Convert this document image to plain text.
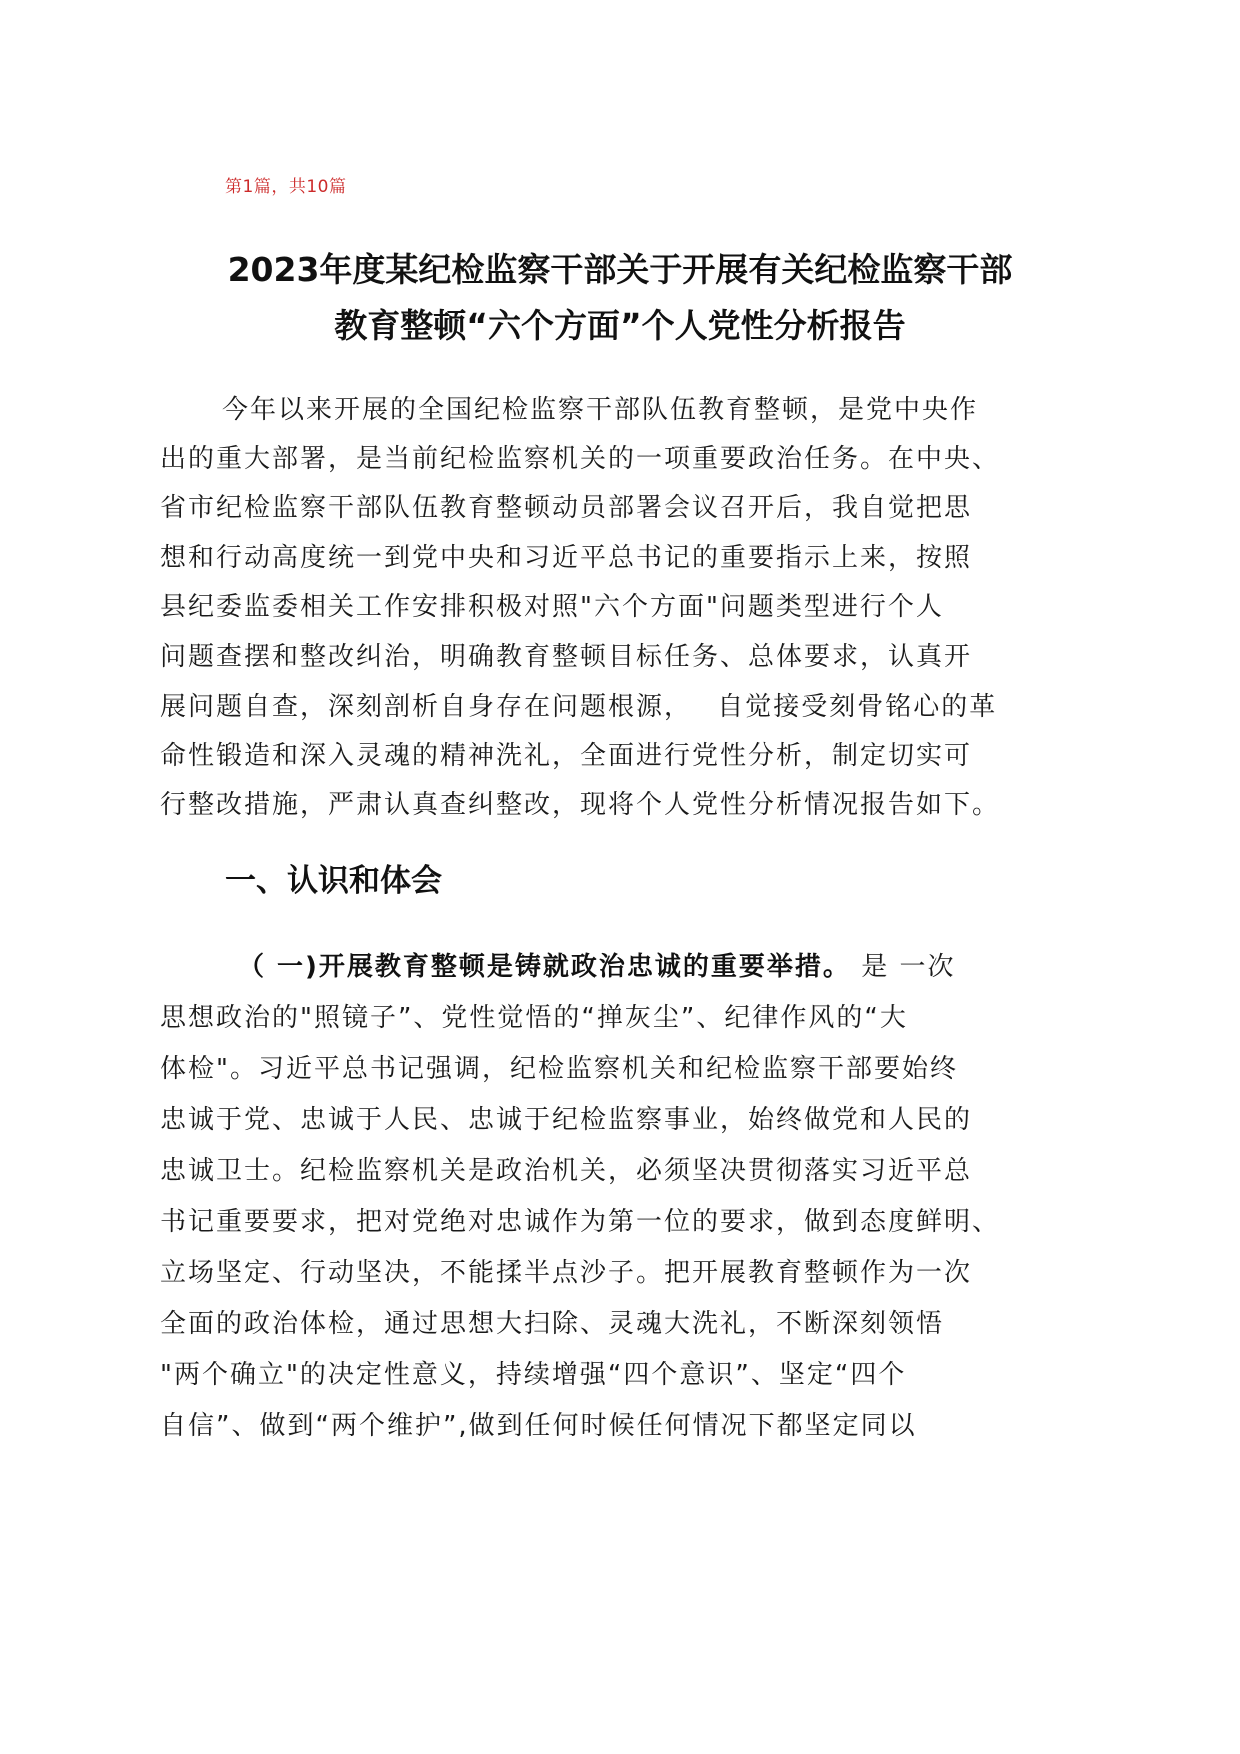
第1篇，共10篇
2023年度某纪检监察干部关于开展有关纪检监察干部
教育整顿“六个方面”个人党性分析报告
今年以来开展的全国纪检监察干部队伍教育整顿，是党中央作
出的重大部署，是当前纪检监察机关的一项重要政治任务。在中央、
省市纪检监察干部队伍教育整顿动员部署会议召开后，我自觉把思
想和行动高度统一到党中央和习近平总书记的重要指示上来，按照
县纪委监委相关工作安排积极对照"六个方面"问题类型进行个人
问题查摆和整改纠治，明确教育整顿目标任务、总体要求，认真开
展问题自查，深刻剖析自身存在问题根源，　 自觉接受刻骨铭心的革
命性锻造和深入灵魂的精神洗礼，全面进行党性分析，制定切实可
行整改措施，严肃认真查纠整改，现将个人党性分析情况报告如下。
一、认识和体会
（ 一)开展教育整顿是铸就政治忠诚的重要举措。 是 一次
思想政治的"照镜子”、党性觉悟的“掸灰尘”、纪律作风的“大
体检"。习近平总书记强调，纪检监察机关和纪检监察干部要始终
忠诚于党、忠诚于人民、忠诚于纪检监察事业，始终做党和人民的
忠诚卫士。纪检监察机关是政治机关，必须坚决贯彻落实习近平总
书记重要要求，把对党绝对忠诚作为第一位的要求，做到态度鲜明、
立场坚定、行动坚决，不能揉半点沙子。把开展教育整顿作为一次
全面的政治体检，通过思想大扫除、灵魂大洗礼，不断深刻领悟
"两个确立"的决定性意义，持续增强“四个意识”、坚定“四个
自信”、做到“两个维护”,做到任何时候任何情况下都坚定同以
